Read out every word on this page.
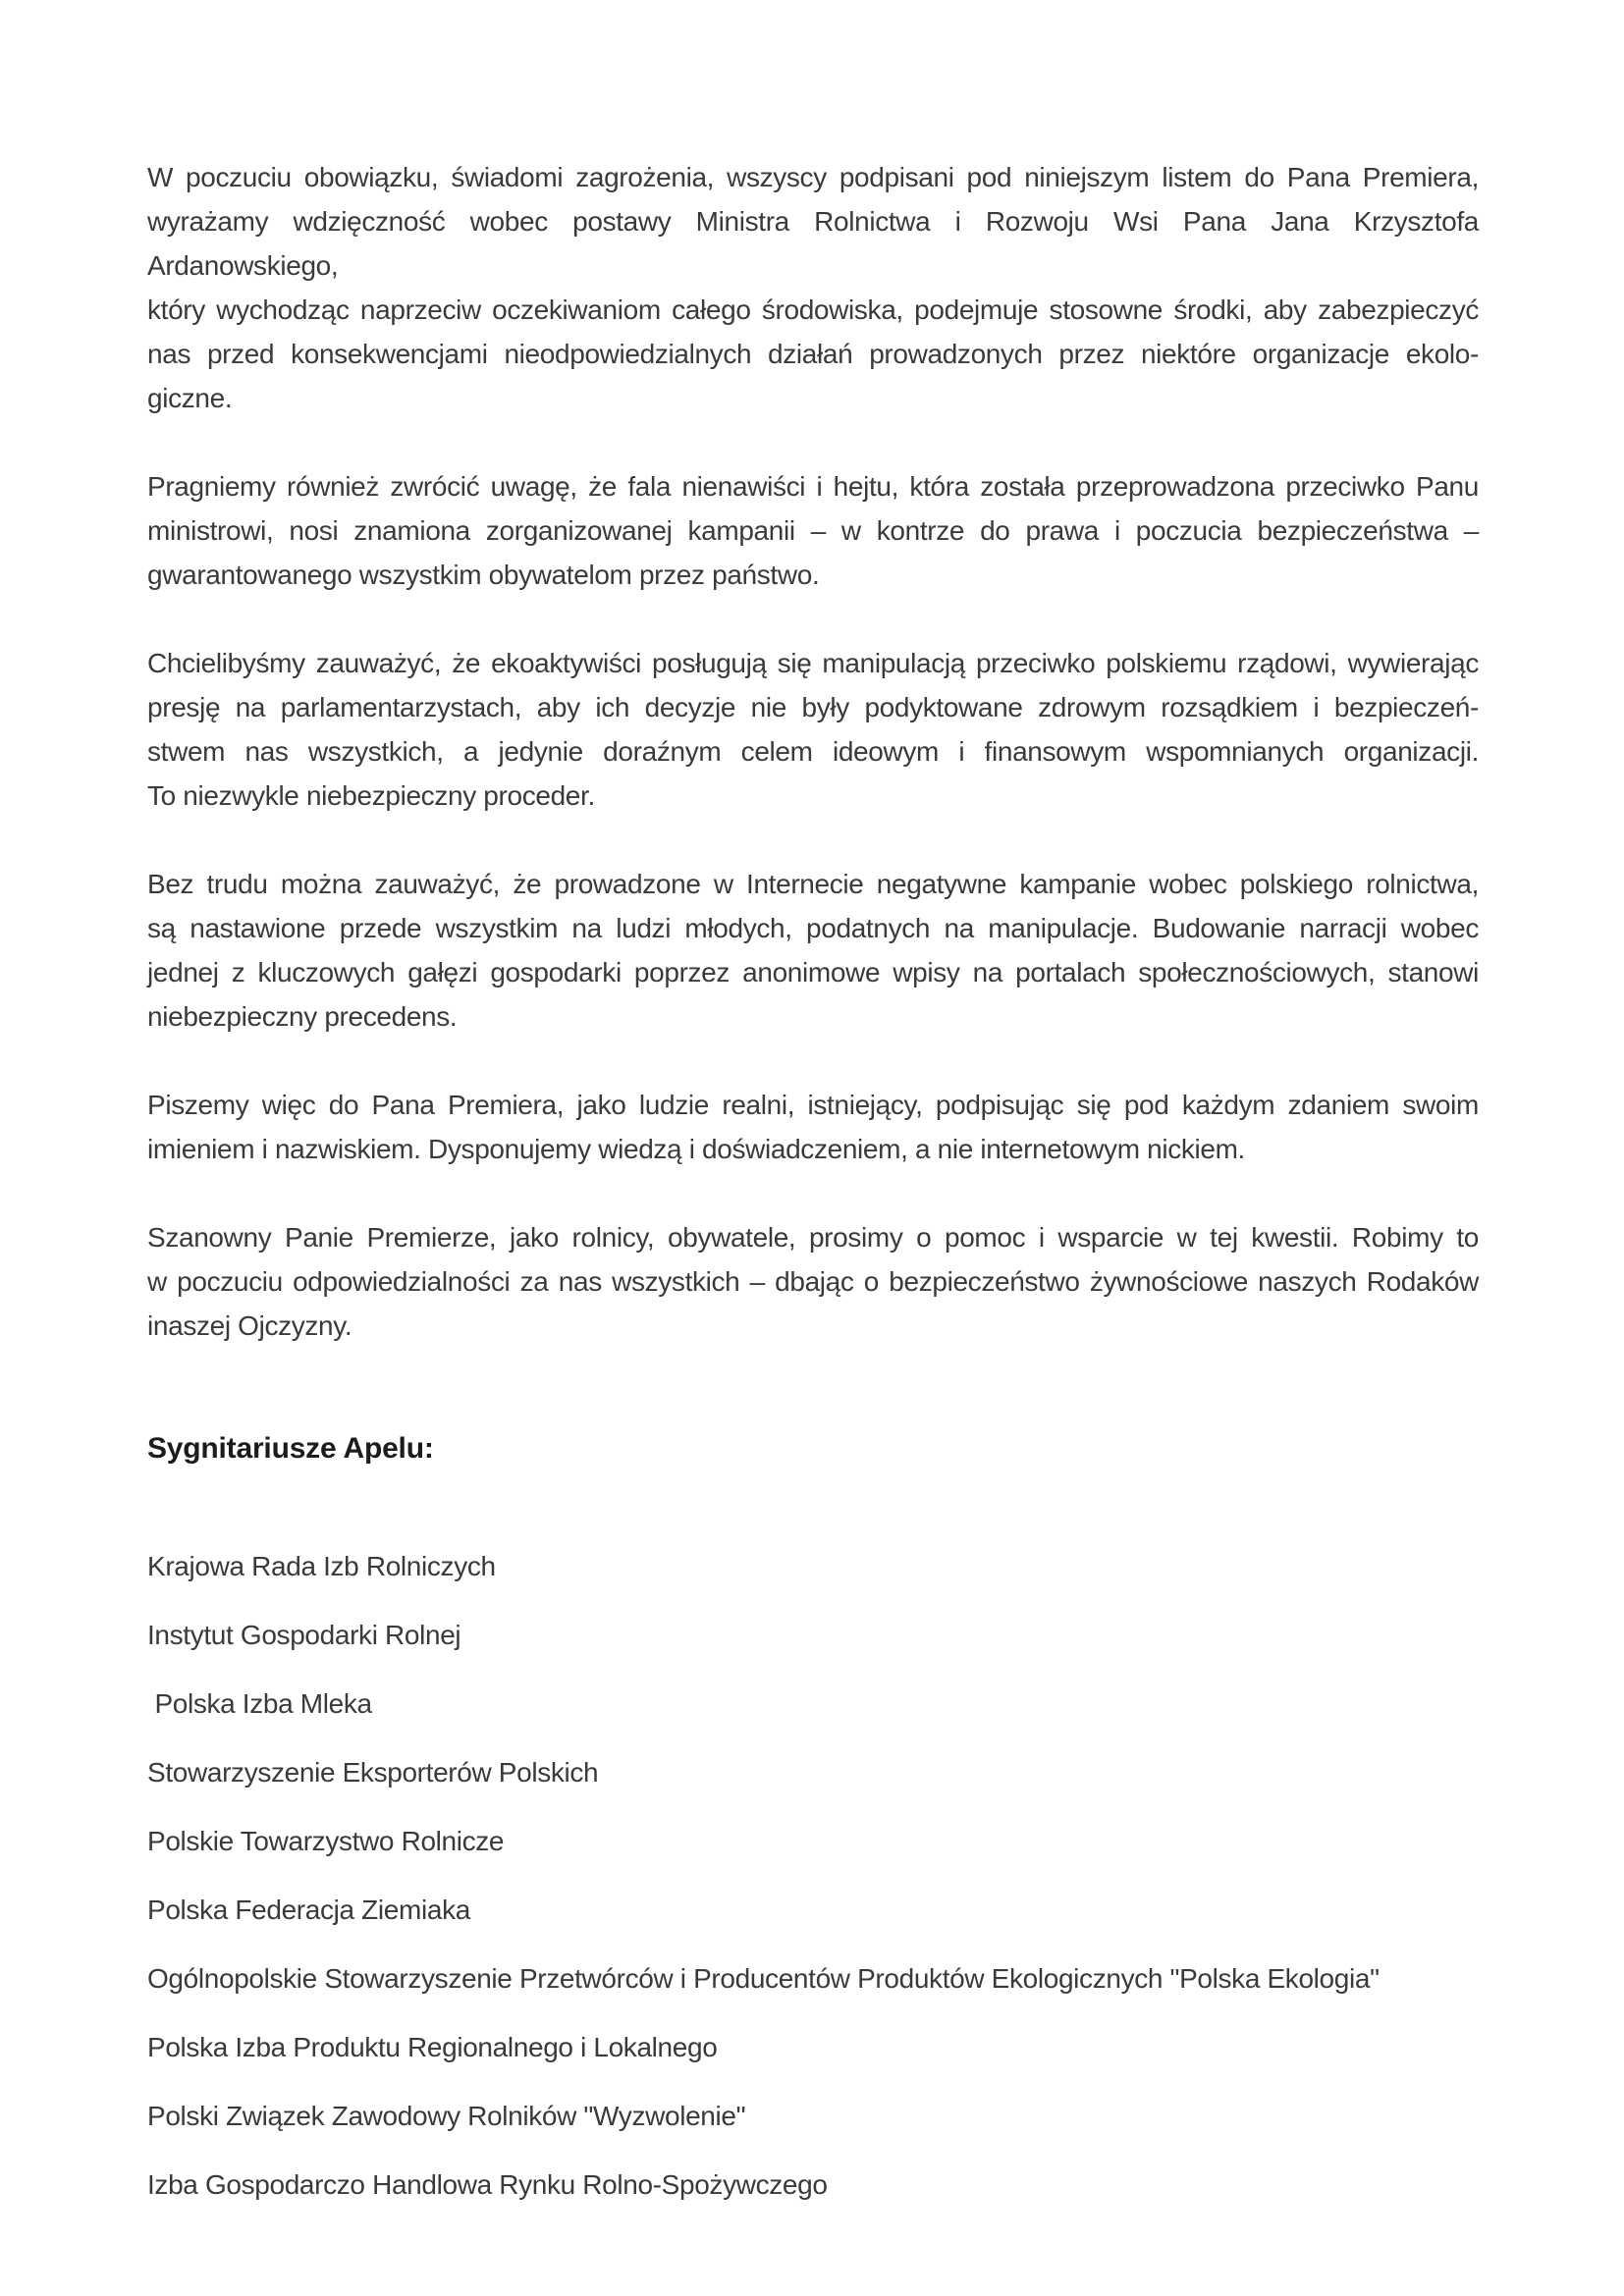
W poczuciu obowiązku, świadomi zagrożenia, wszyscy podpisani pod niniejszym listem do Pana Premiera,
wyrażamy wdzięczność wobec postawy Ministra Rolnictwa i Rozwoju Wsi Pana Jana Krzysztofa Ardanowskiego,
który wychodząc naprzeciw oczekiwaniom całego środowiska, podejmuje stosowne środki, aby zabezpieczyć
nas przed konsekwencjami nieodpowiedzialnych działań prowadzonych przez niektóre organizacje ekolo-
giczne.
Pragniemy również zwrócić uwagę, że fala nienawiści i hejtu, która została przeprowadzona przeciwko Panu
ministrowi, nosi znamiona zorganizowanej kampanii – w kontrze do prawa i poczucia bezpieczeństwa –
gwarantowanego wszystkim obywatelom przez państwo.
Chcielibyśmy zauważyć, że ekoaktywiści posługują się manipulacją przeciwko polskiemu rządowi, wywierając
presję na parlamentarzystach, aby ich decyzje nie były podyktowane zdrowym rozsądkiem i bezpieczeń-
stwem nas wszystkich, a jedynie doraźnym celem ideowym i finansowym wspomnianych organizacji.
To niezwykle niebezpieczny proceder.
Bez trudu można zauważyć, że prowadzone w Internecie negatywne kampanie wobec polskiego rolnictwa,
są nastawione przede wszystkim na ludzi młodych, podatnych na manipulacje. Budowanie narracji wobec
jednej z kluczowych gałęzi gospodarki poprzez anonimowe wpisy na portalach społecznościowych, stanowi
niebezpieczny precedens.
Piszemy więc do Pana Premiera, jako ludzie realni, istniejący, podpisując się pod każdym zdaniem swoim
imieniem i nazwiskiem. Dysponujemy wiedzą i doświadczeniem, a nie internetowym nickiem.
Szanowny Panie Premierze, jako rolnicy, obywatele, prosimy o pomoc i wsparcie w tej kwestii. Robimy to
w poczuciu odpowiedzialności za nas wszystkich – dbając o bezpieczeństwo żywnościowe naszych Rodaków
inaszej Ojczyzny.
Sygnitariusze Apelu:
Krajowa Rada Izb Rolniczych
Instytut Gospodarki Rolnej
Polska Izba Mleka
Stowarzyszenie Eksporterów Polskich
Polskie Towarzystwo Rolnicze
Polska Federacja Ziemiaka
Ogólnopolskie Stowarzyszenie Przetwórców i Producentów Produktów Ekologicznych "Polska Ekologia"
Polska Izba Produktu Regionalnego i Lokalnego
Polski Związek Zawodowy Rolników "Wyzwolenie"
Izba Gospodarczo Handlowa Rynku Rolno-Spożywczego
